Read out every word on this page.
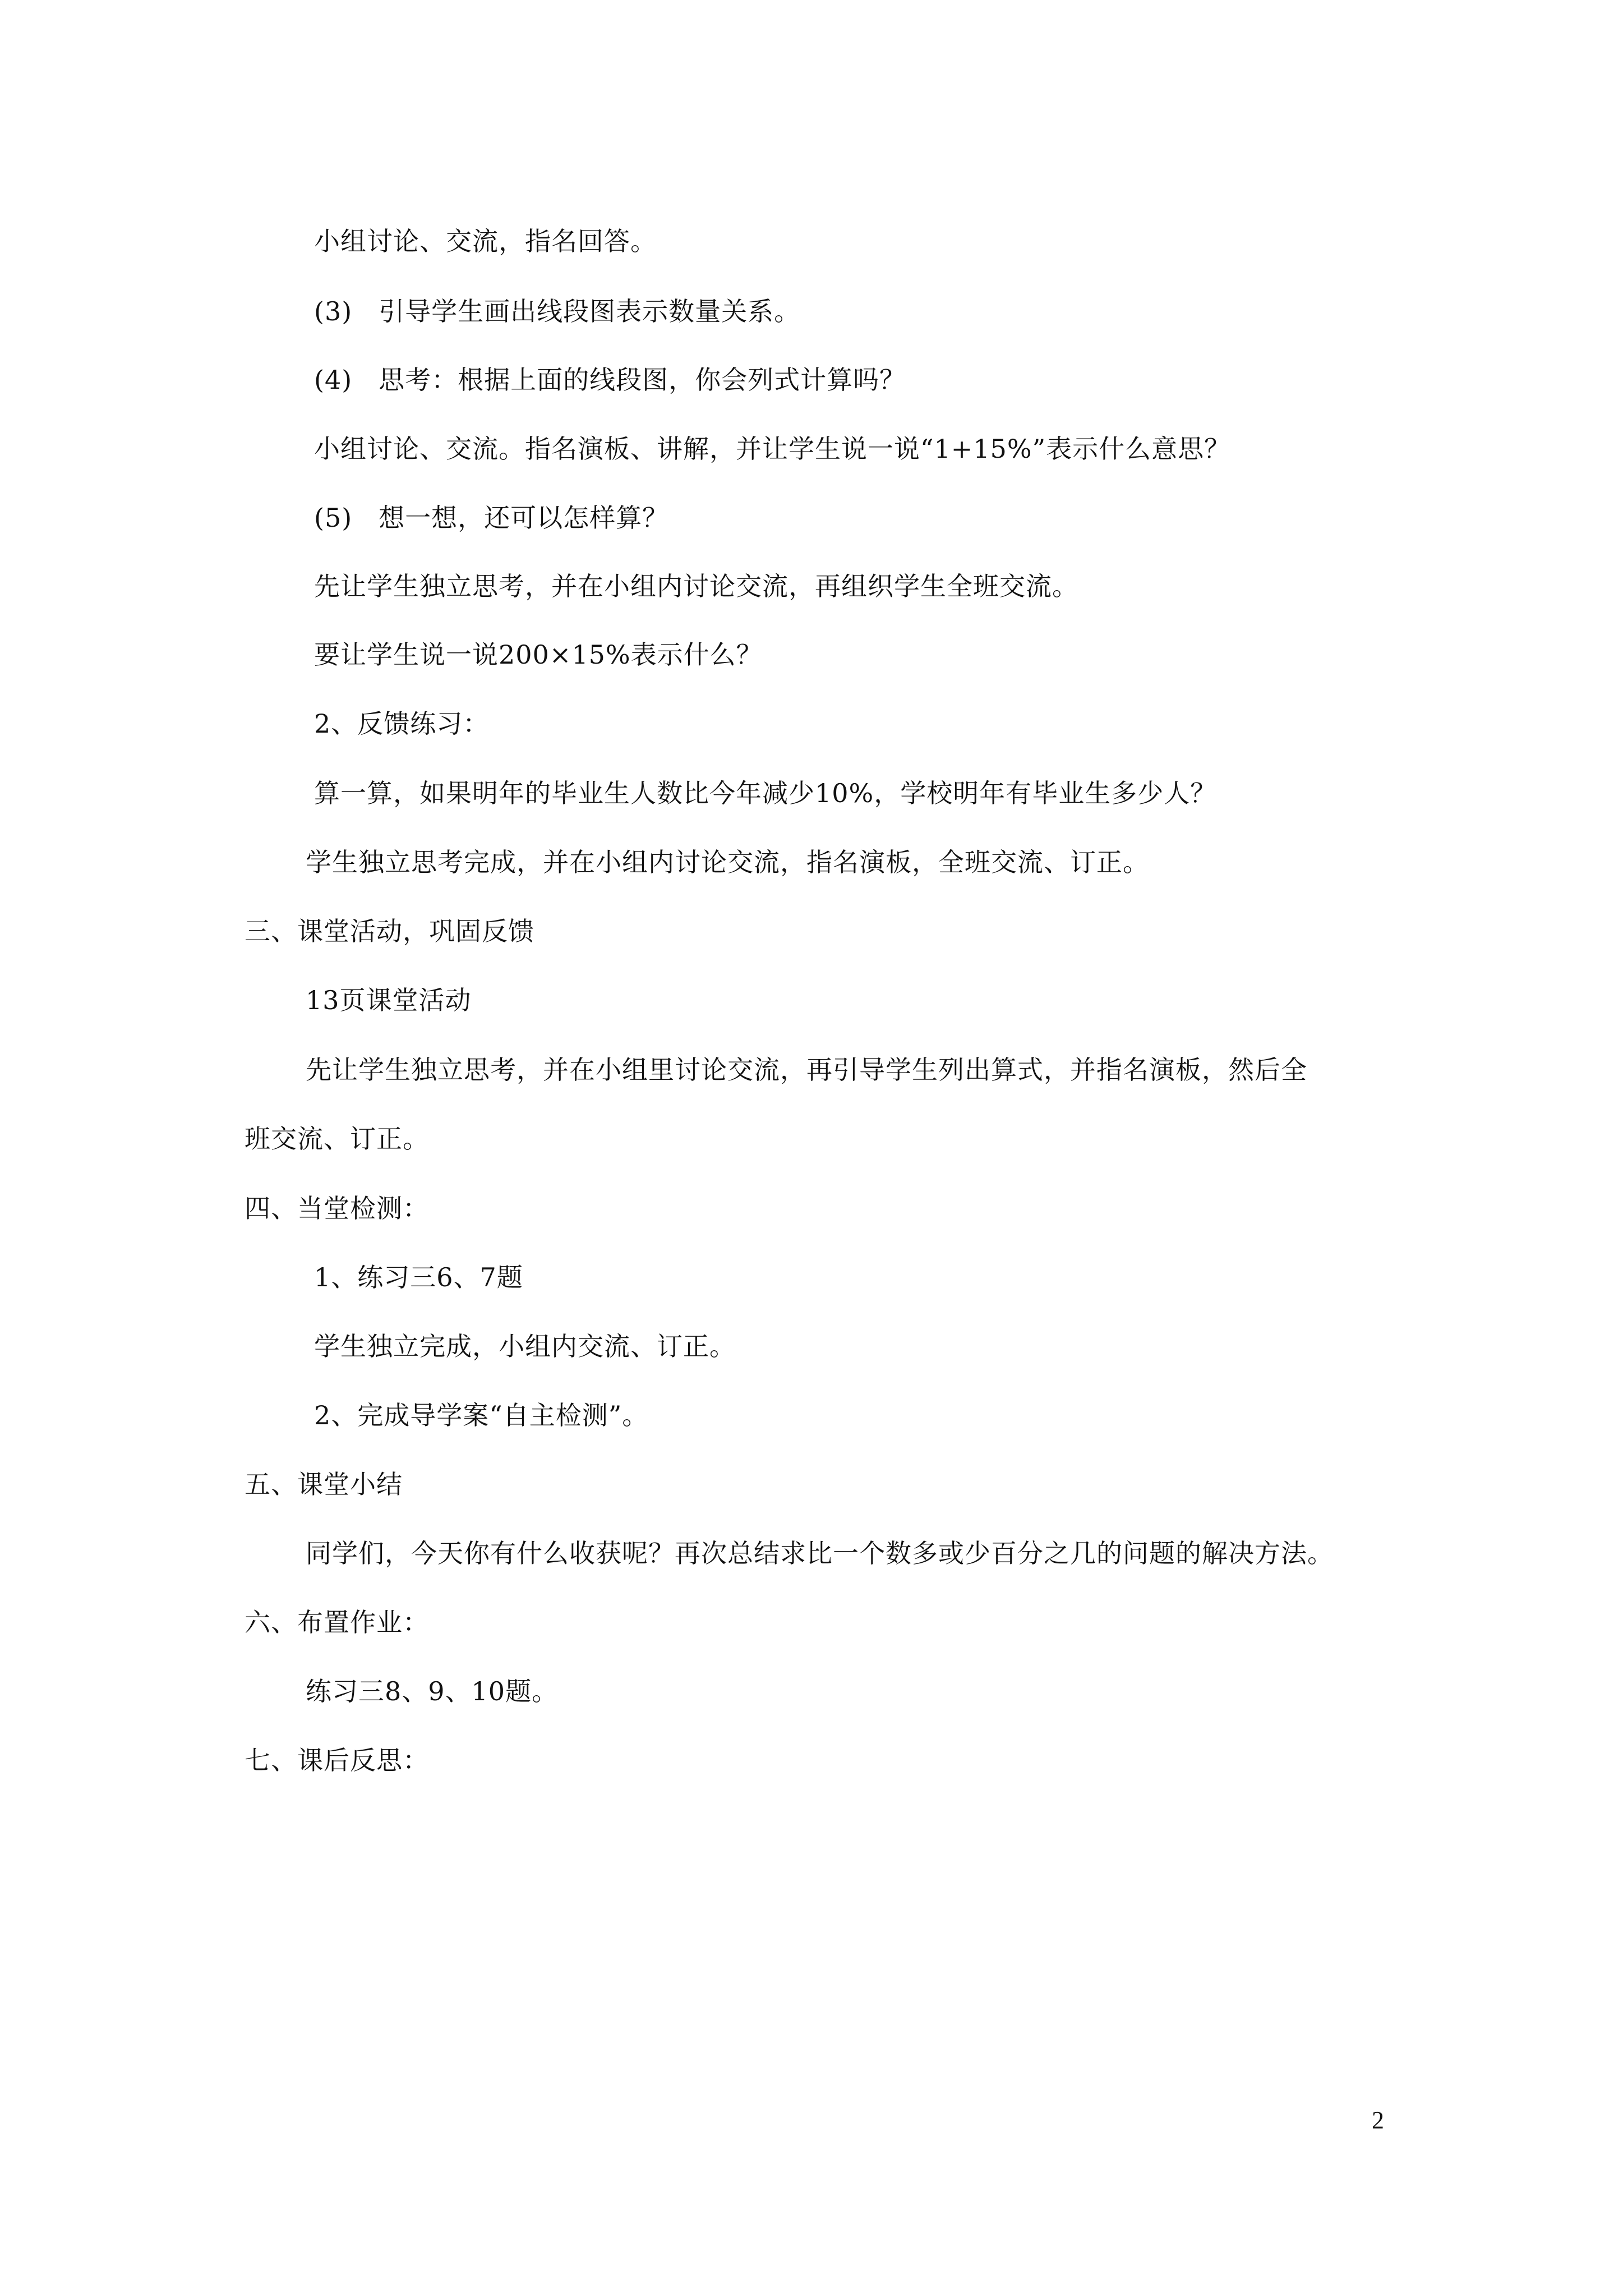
小组讨论、交流，指名回答。
(3)　引导学生画出线段图表示数量关系。
(4)　思考：根据上面的线段图，你会列式计算吗？
小组讨论、交流。指名演板、讲解，并让学生说一说“1+15%”表示什么意思？
(5)　想一想，还可以怎样算？
先让学生独立思考，并在小组内讨论交流，再组织学生全班交流。
要让学生说一说200×15%表示什么？
2、反馈练习：
算一算，如果明年的毕业生人数比今年减少10%，学校明年有毕业生多少人？
学生独立思考完成，并在小组内讨论交流，指名演板，全班交流、订正。
三、课堂活动，巩固反馈
13页课堂活动
先让学生独立思考，并在小组里讨论交流，再引导学生列出算式，并指名演板，然后全
班交流、订正。
四、当堂检测：
1、练习三6、7题
学生独立完成，小组内交流、订正。
2、完成导学案“自主检测”。
五、课堂小结
同学们，今天你有什么收获呢？再次总结求比一个数多或少百分之几的问题的解决方法。
六、布置作业：
练习三8、9、10题。
七、课后反思：
2
